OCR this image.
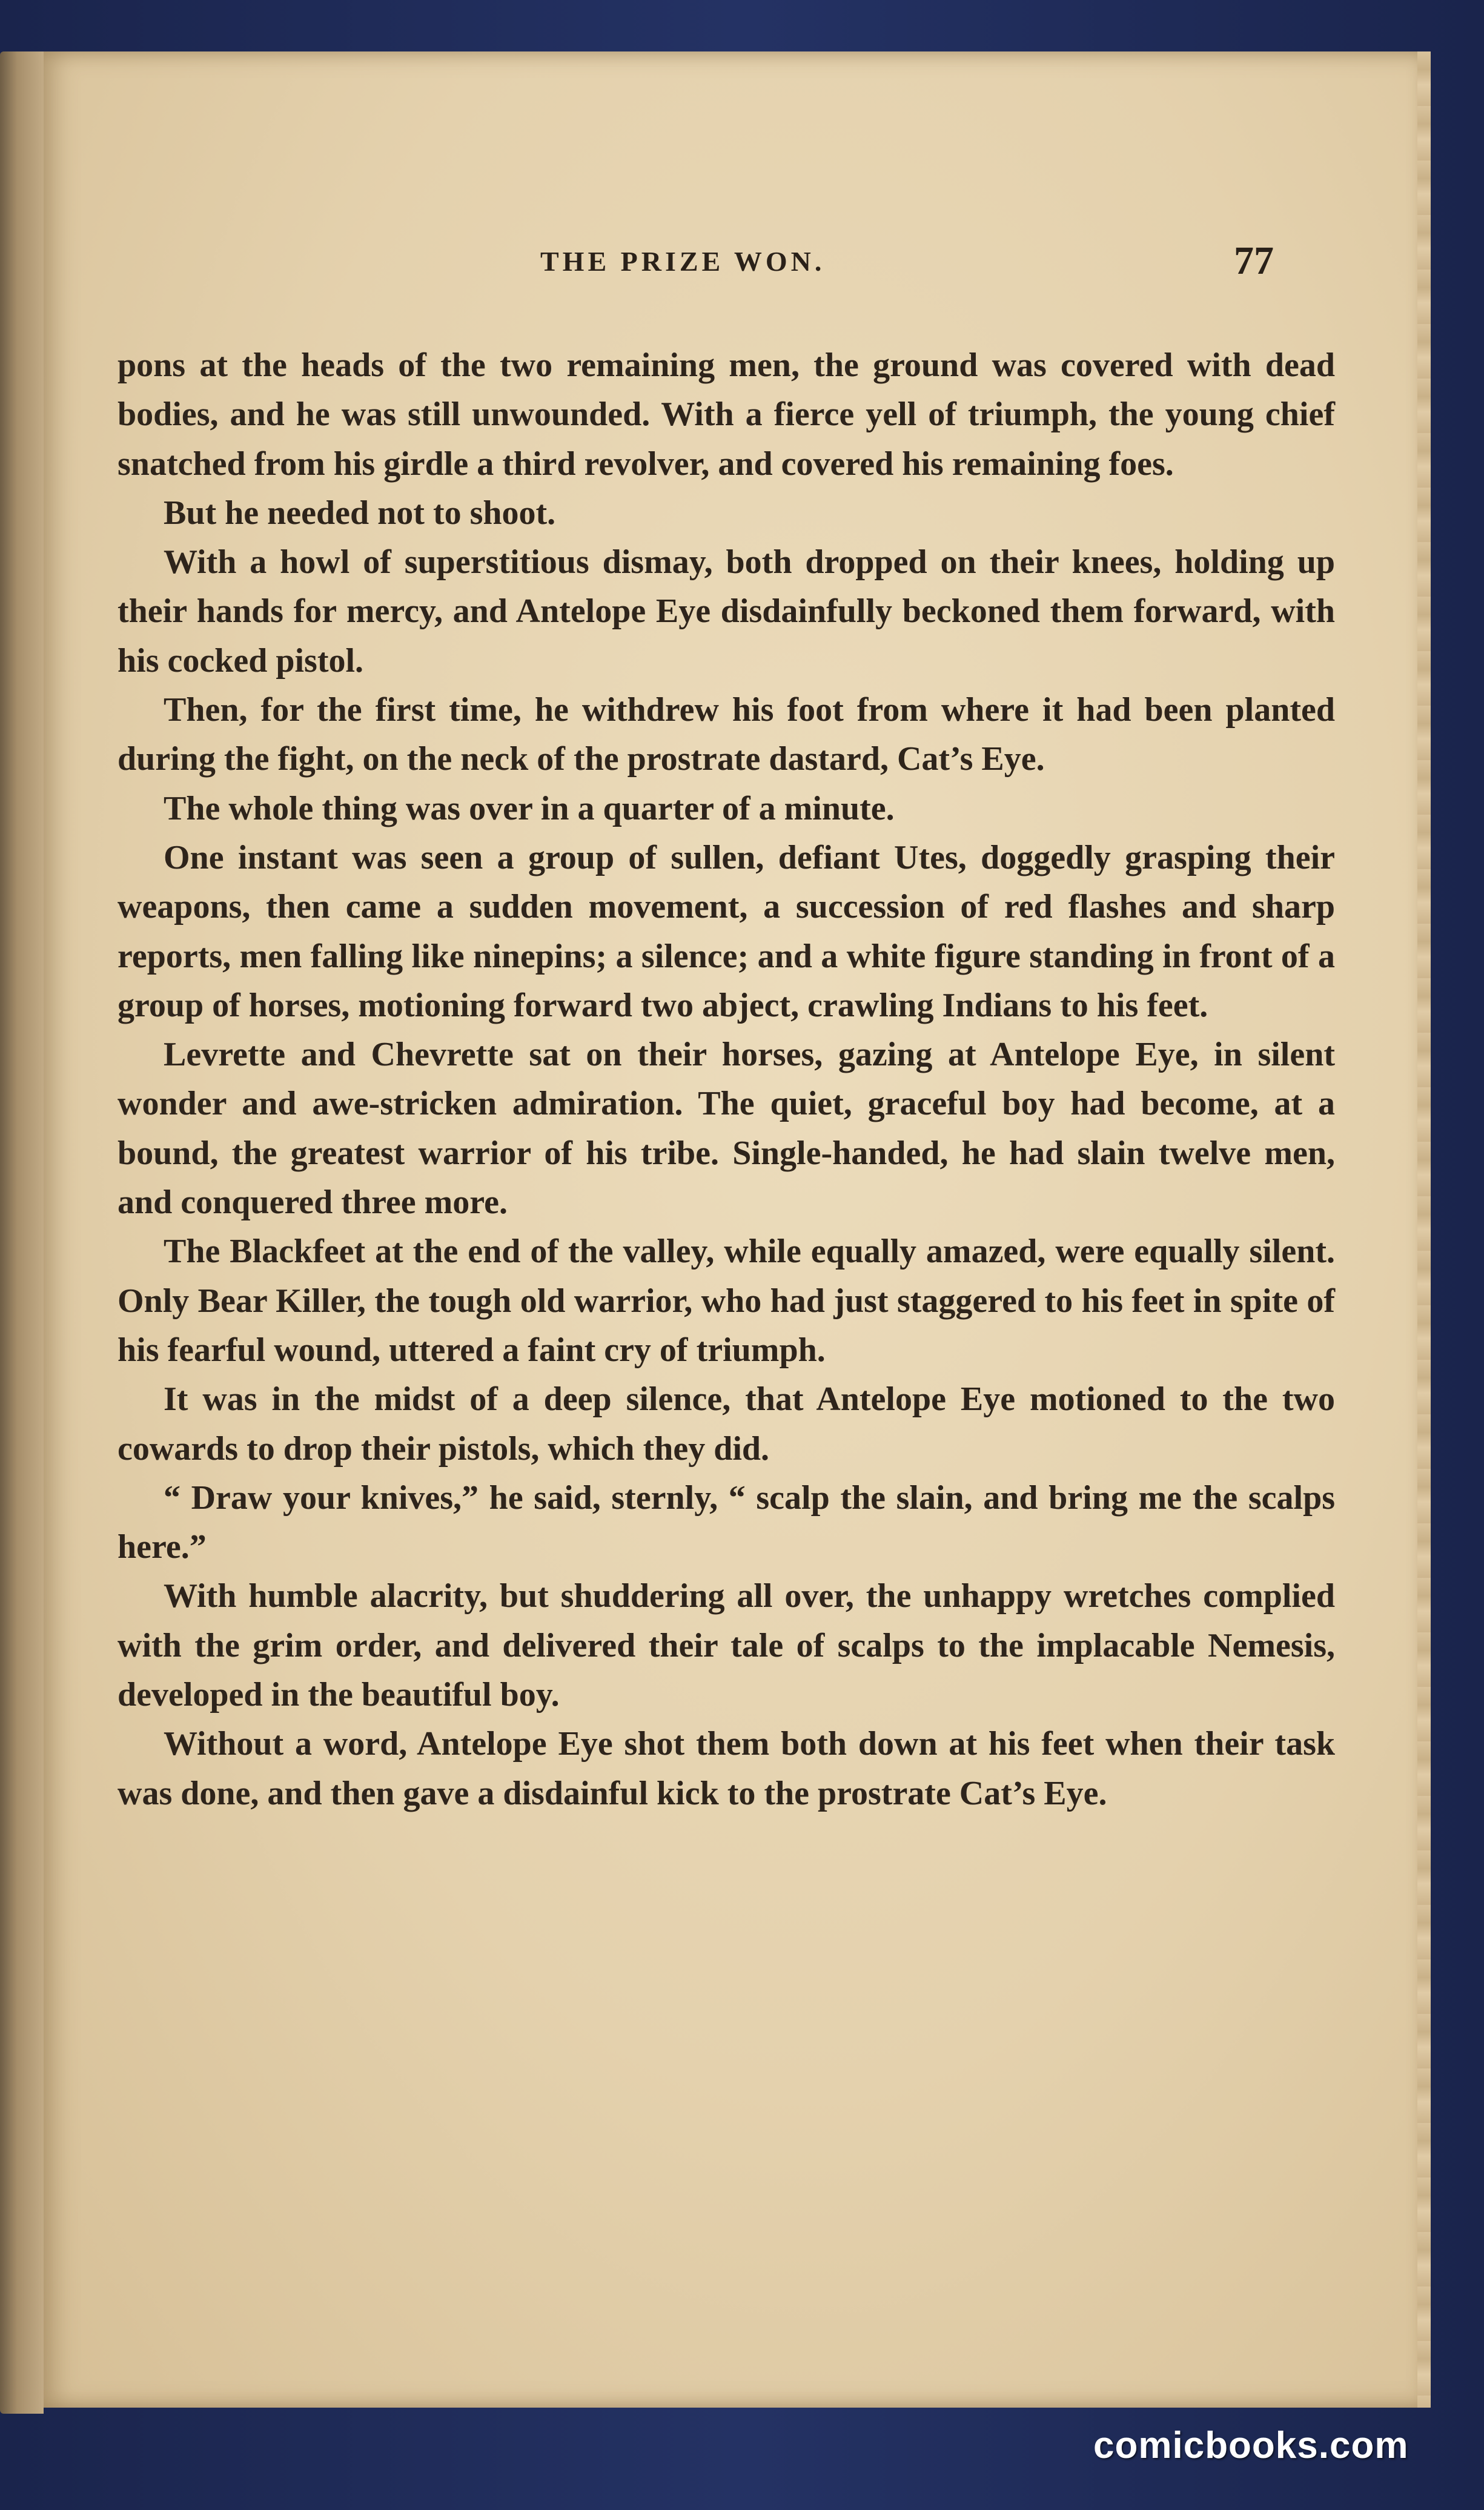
THE PRIZE WON.	77

pons at the heads of the two remaining men, the ground was covered with dead bodies, and he was still unwounded. With a fierce yell of triumph, the young chief snatched from his girdle a third revolver, and covered his remaining foes.

But he needed not to shoot.

With a howl of superstitious dismay, both dropped on their knees, holding up their hands for mercy, and Antelope Eye disdainfully beckoned them forward, with his cocked pistol.

Then, for the first time, he withdrew his foot from where it had been planted during the fight, on the neck of the prostrate dastard, Cat’s Eye.

The whole thing was over in a quarter of a minute.

One instant was seen a group of sullen, defiant Utes, doggedly grasping their weapons, then came a sudden movement, a succession of red flashes and sharp reports, men falling like ninepins; a silence; and a white figure standing in front of a group of horses, motioning forward two abject, crawling Indians to his feet.

Levrette and Chevrette sat on their horses, gazing at Antelope Eye, in silent wonder and awe-stricken admiration. The quiet, graceful boy had become, at a bound, the greatest warrior of his tribe. Single-handed, he had slain twelve men, and conquered three more.

The Blackfeet at the end of the valley, while equally amazed, were equally silent. Only Bear Killer, the tough old warrior, who had just staggered to his feet in spite of his fearful wound, uttered a faint cry of triumph.

It was in the midst of a deep silence, that Antelope Eye motioned to the two cowards to drop their pistols, which they did.

“ Draw your knives,” he said, sternly, “ scalp the slain, and bring me the scalps here.”

With humble alacrity, but shuddering all over, the unhappy wretches complied with the grim order, and delivered their tale of scalps to the implacable Nemesis, developed in the beautiful boy.

Without a word, Antelope Eye shot them both down at his feet when their task was done, and then gave a disdainful kick to the prostrate Cat’s Eye.

comicbooks.com
